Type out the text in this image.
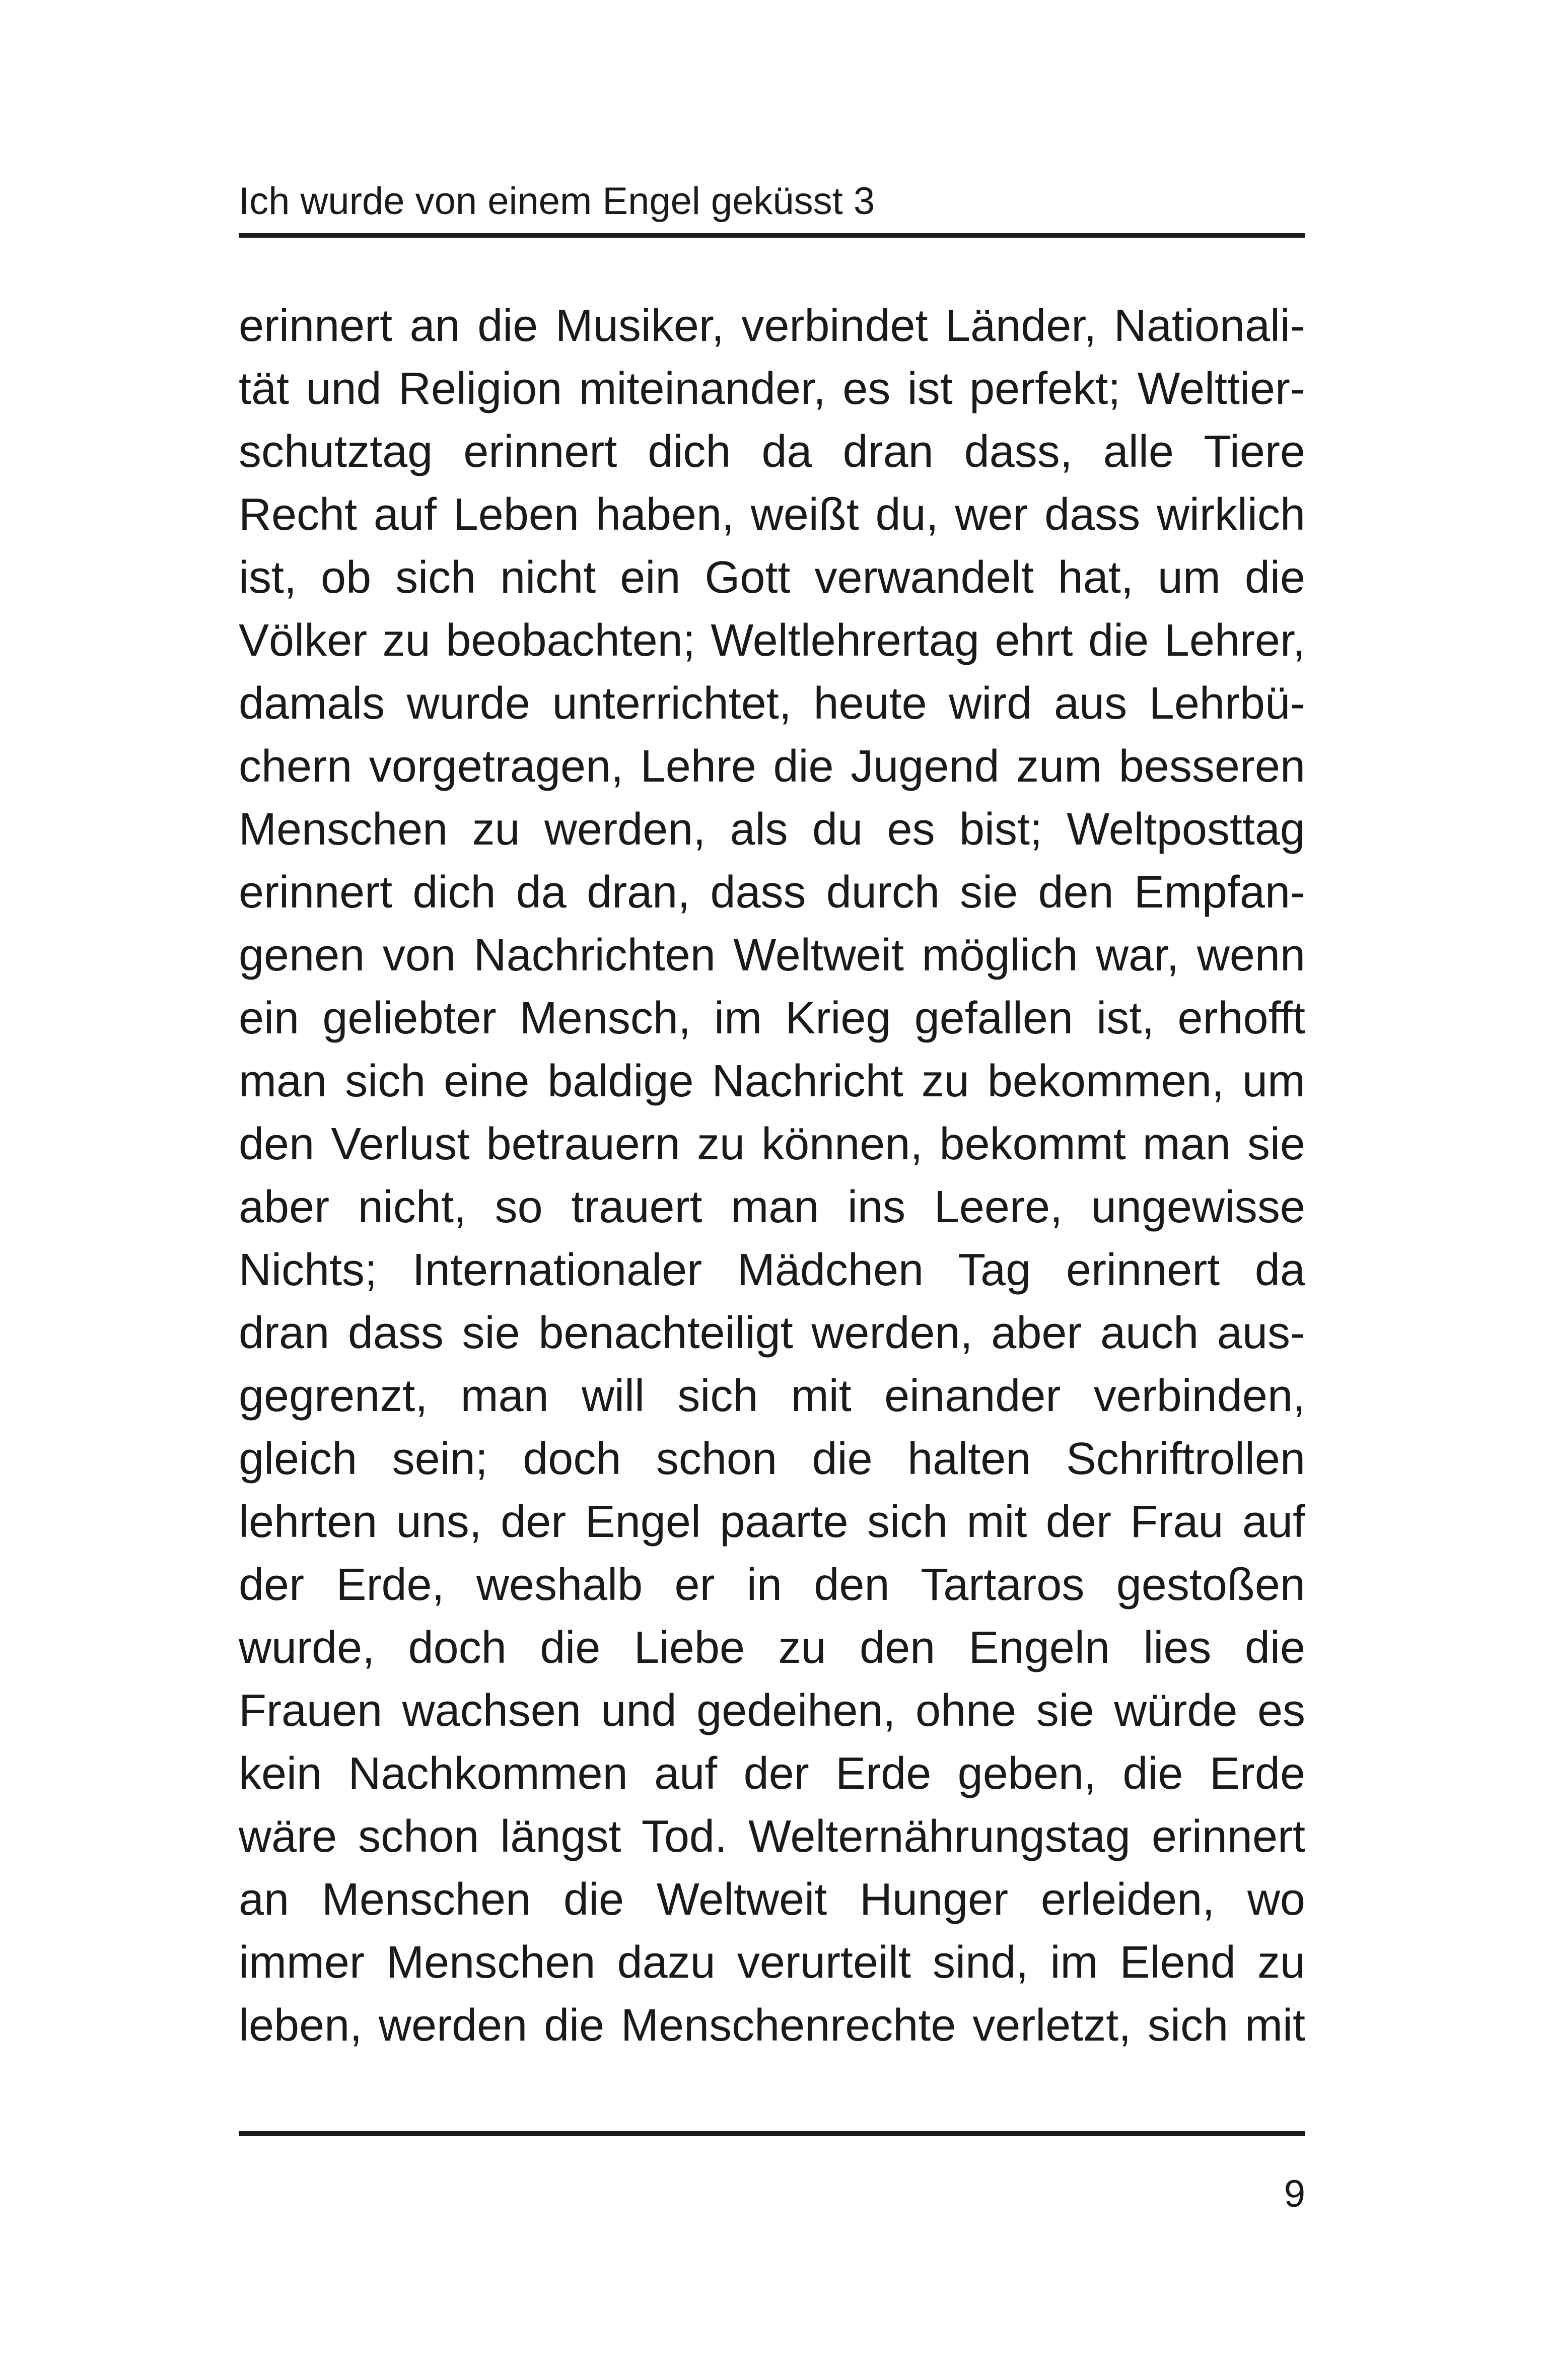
Ich wurde von einem Engel geküsst 3
erinnert an die Musiker, verbindet Länder, Nationali-
tät und Religion miteinander, es ist perfekt; Welttier-
schutztag erinnert dich da dran dass, alle Tiere
Recht auf Leben haben, weißt du, wer dass wirklich
ist, ob sich nicht ein Gott verwandelt hat, um die
Völker zu beobachten; Weltlehrertag ehrt die Lehrer,
damals wurde unterrichtet, heute wird aus Lehrbü-
chern vorgetragen, Lehre die Jugend zum besseren
Menschen zu werden, als du es bist; Weltposttag
erinnert dich da dran, dass durch sie den Empfan-
genen von Nachrichten Weltweit möglich war, wenn
ein geliebter Mensch, im Krieg gefallen ist, erhofft
man sich eine baldige Nachricht zu bekommen, um
den Verlust betrauern zu können, bekommt man sie
aber nicht, so trauert man ins Leere, ungewisse
Nichts; Internationaler Mädchen Tag erinnert da
dran dass sie benachteiligt werden, aber auch aus-
gegrenzt, man will sich mit einander verbinden,
gleich sein; doch schon die halten Schriftrollen
lehrten uns, der Engel paarte sich mit der Frau auf
der Erde, weshalb er in den Tartaros gestoßen
wurde, doch die Liebe zu den Engeln lies die
Frauen wachsen und gedeihen, ohne sie würde es
kein Nachkommen auf der Erde geben, die Erde
wäre schon längst Tod. Welternährungstag erinnert
an Menschen die Weltweit Hunger erleiden, wo
immer Menschen dazu verurteilt sind, im Elend zu
leben, werden die Menschenrechte verletzt, sich mit
9
